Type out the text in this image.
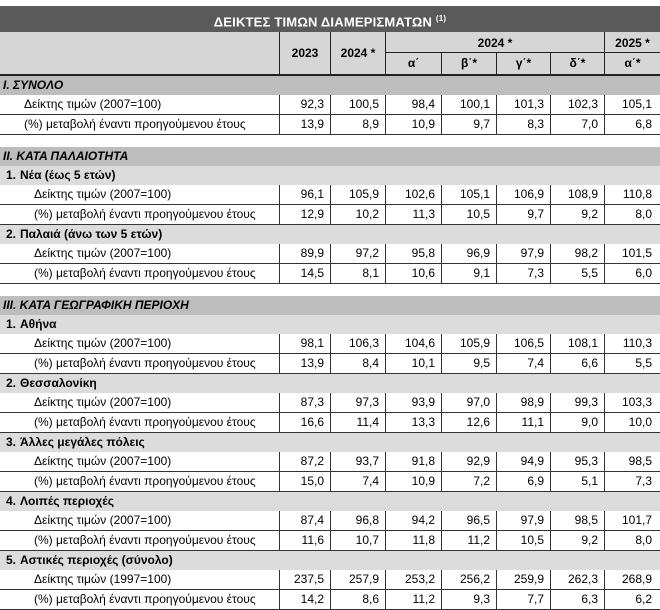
ΔΕΙΚΤΕΣ ΤΙΜΩΝ ΔΙΑΜΕΡΙΣΜΑΤΩΝ $^{(1)}$
2023	2024 *
2024 *	2025 *
α΄	β΄*	γ΄*	δ΄*	α΄*
I. ΣΥΝΟΛΟ
Δείκτης τιμών (2007=100)	92,3 100,5	98,4 100,1 101,3 102,3 105,1
(%) μεταβολή έναντι προηγούμενου έτους	13,9	8,9	10,9	9,7	8,3	7,0	6,8
II. ΚΑΤΑ ΠΑΛΑΙΟΤΗΤΑ
1. Νέα (έως 5 ετών)
Δείκτης τιμών (2007=100)	96,1 105,9 102,6 105,1 106,9 108,9 110,8
(%) μεταβολή έναντι προηγούμενου έτους	12,9	10,2	11,3	10,5	9,7	9,2	8,0
2. Παλαιά (άνω των 5 ετών)
Δείκτης τιμών (2007=100)	89,9	97,2	95,8	96,9	97,9	98,2 101,5
(%) μεταβολή έναντι προηγούμενου έτους	14,5	8,1	10,6	9,1	7,3	5,5	6,0
III. ΚΑΤΑ ΓΕΩΓΡΑΦΙΚΗ ΠΕΡΙΟΧΗ
1. Αθήνα
Δείκτης τιμών (2007=100)	98,1 106,3 104,6 105,9 106,5 108,1 110,3
(%) μεταβολή έναντι προηγούμενου έτους	13,9	8,4	10,1	9,5	7,4	6,6	5,5
2. Θεσσαλονίκη
Δείκτης τιμών (2007=100)	87,3	97,3	93,9	97,0	98,9	99,3 103,3
(%) μεταβολή έναντι προηγούμενου έτους	16,6	11,4	13,3	12,6	11,1	9,0	10,0
3. Άλλες μεγάλες πόλεις
Δείκτης τιμών (2007=100)	87,2	93,7	91,8	92,9	94,9	95,3	98,5
(%) μεταβολή έναντι προηγούμενου έτους	15,0	7,4	10,9	7,2	6,9	5,1	7,3
4. Λοιπές περιοχές
Δείκτης τιμών (2007=100)	87,4	96,8	94,2	96,5	97,9	98,5 101,7
(%) μεταβολή έναντι προηγούμενου έτους	11,6	10,7	11,8	11,2	10,5	9,2	8,0
5. Αστικές περιοχές (σύνολο)
Δείκτης τιμών (1997=100)	237,5 257,9 253,2 256,2 259,9 262,3 268,9
(%) μεταβολή έναντι προηγούμενου έτους	14,2	8,6	11,2	9,3	7,7	6,3	6,2
